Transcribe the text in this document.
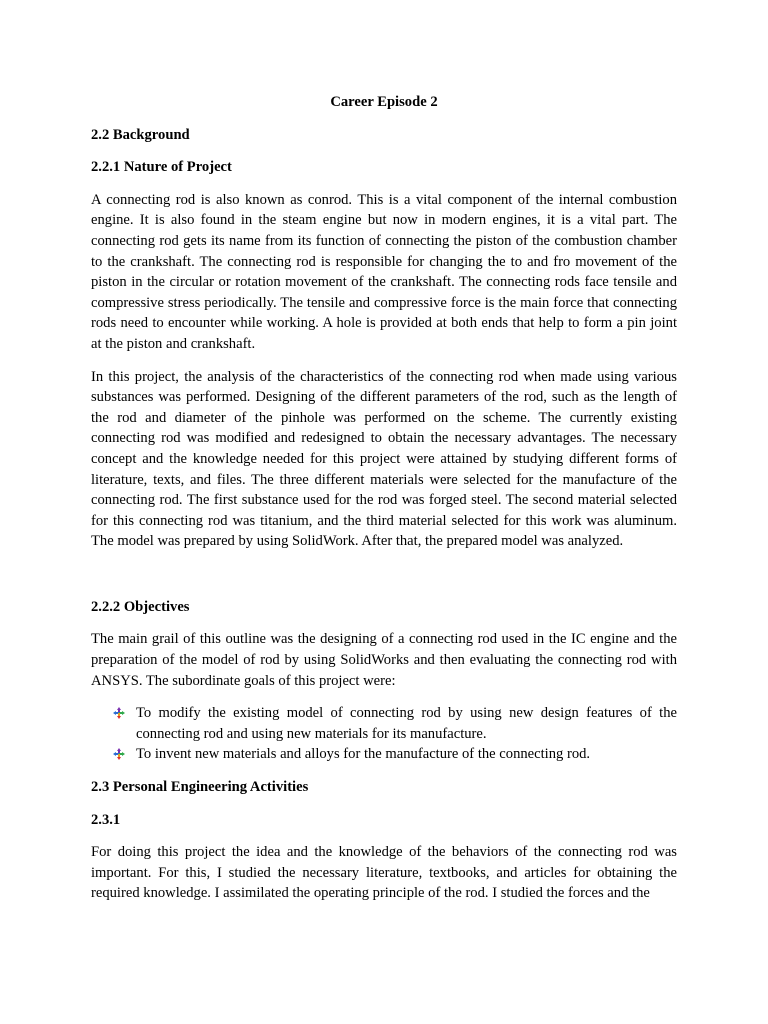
Career Episode 2
2.2 Background
2.2.1 Nature of Project

A connecting rod is also known as conrod. This is a vital component of the internal combustion engine. It is also found in the steam engine but now in modern engines, it is a vital part. The connecting rod gets its name from its function of connecting the piston of the combustion chamber to the crankshaft. The connecting rod is responsible for changing the to and fro movement of the piston in the circular or rotation movement of the crankshaft. The connecting rods face tensile and compressive stress periodically. The tensile and compressive force is the main force that connecting rods need to encounter while working. A hole is provided at both ends that help to form a pin joint at the piston and crankshaft.

In this project, the analysis of the characteristics of the connecting rod when made using various substances was performed. Designing of the different parameters of the rod, such as the length of the rod and diameter of the pinhole was performed on the scheme. The currently existing connecting rod was modified and redesigned to obtain the necessary advantages. The necessary concept and the knowledge needed for this project were attained by studying different forms of literature, texts, and files. The three different materials were selected for the manufacture of the connecting rod. The first substance used for the rod was forged steel. The second material selected for this connecting rod was titanium, and the third material selected for this work was aluminum. The model was prepared by using SolidWork. After that, the prepared model was analyzed.

2.2.2 Objectives

The main grail of this outline was the designing of a connecting rod used in the IC engine and the preparation of the model of rod by using SolidWorks and then evaluating the connecting rod with ANSYS. The subordinate goals of this project were:

To modify the existing model of connecting rod by using new design features of the connecting rod and using new materials for its manufacture.
To invent new materials and alloys for the manufacture of the connecting rod.
2.3 Personal Engineering Activities
2.3.1

For doing this project the idea and the knowledge of the behaviors of the connecting rod was important. For this, I studied the necessary literature, textbooks, and articles for obtaining the required knowledge. I assimilated the operating principle of the rod. I studied the forces and the
